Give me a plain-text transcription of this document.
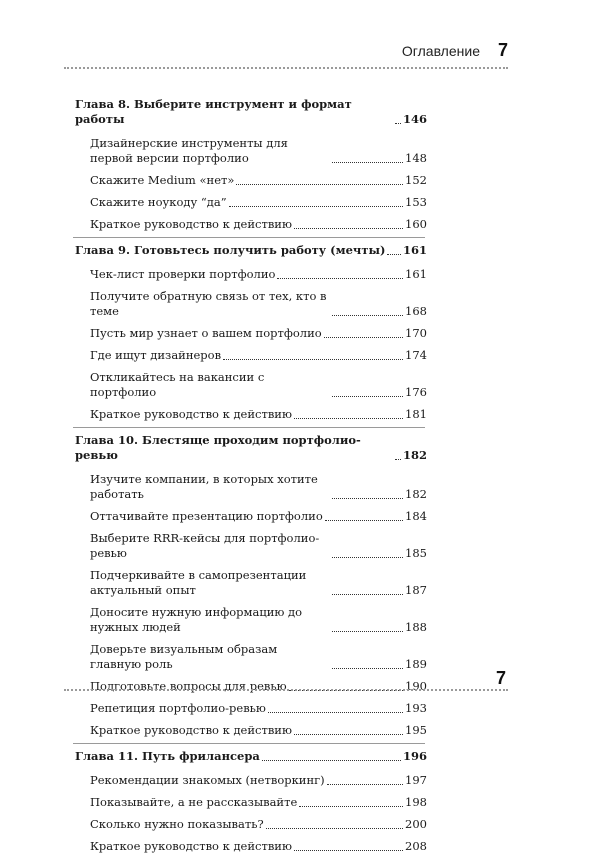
Оглавление 7
Глава 8. Выберите инструмент и формат работы	146
Дизайнерские инструменты для первой версии портфолио	148
Скажите Medium «нет»	152
Скажите ноукоду “да”	153
Краткое руководство к действию	160
Глава 9. Готовьтесь получить работу (мечты) 161
Чек-лист проверки портфолио	161
Получите обратную связь от тех, кто в теме	168
Пусть мир узнает о вашем портфолио	170
Где ищут дизайнеров	174
Откликайтесь на вакансии с портфолио	176
Краткое руководство к действию	181
Глава 10. Блестяще проходим портфолио-ревью	182
Изучите компании, в которых хотите работать	182
Оттачивайте презентацию портфолио	184
Выберите RRR-кейсы для портфолио-ревью	185
Подчеркивайте в самопрезентации актуальный опыт	187
Доносите нужную информацию до нужных людей	188
Доверьте визуальным образам главную роль	189
Подготовьте вопросы для ревью	190
Репетиция портфолио-ревью	193
Краткое руководство к действию	195
Глава 11. Путь фрилансера	196
Рекомендации знакомых (нетворкинг)	197
Показывайте, а не рассказывайте	198
Сколько нужно показывать?	200
Краткое руководство к действию	208
7
